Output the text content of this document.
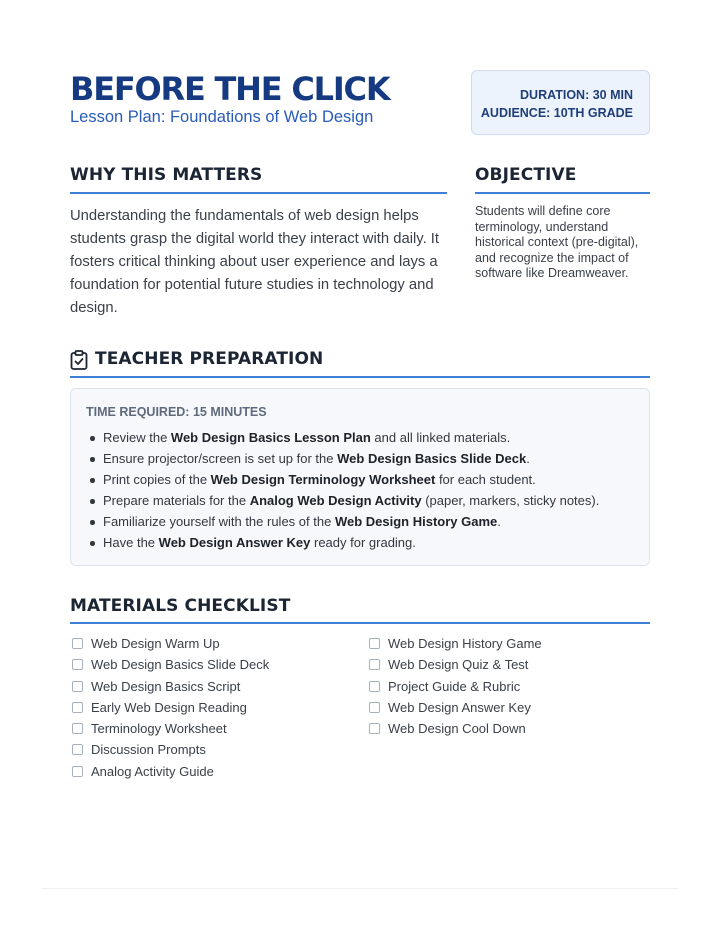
BEFORE THE CLICK
Lesson Plan: Foundations of Web Design
DURATION: 30 MIN
AUDIENCE: 10TH GRADE
WHY THIS MATTERS

Understanding the fundamentals of web design helps students grasp the digital world they interact with daily. It fosters critical thinking about user experience and lays a foundation for potential future studies in technology and design.

OBJECTIVE

Students will define core terminology, understand historical context (pre-digital), and recognize the impact of software like Dreamweaver.

TEACHER PREPARATION
TIME REQUIRED: 15 MINUTES
Review the Web Design Basics Lesson Plan and all linked materials.
Ensure projector/screen is set up for the Web Design Basics Slide Deck.
Print copies of the Web Design Terminology Worksheet for each student.
Prepare materials for the Analog Web Design Activity (paper, markers, sticky notes).
Familiarize yourself with the rules of the Web Design History Game.
Have the Web Design Answer Key ready for grading.
MATERIALS CHECKLIST
Web Design Warm Up
Web Design Basics Slide Deck
Web Design Basics Script
Early Web Design Reading
Terminology Worksheet
Discussion Prompts
Analog Activity Guide
Web Design History Game
Web Design Quiz & Test
Project Guide & Rubric
Web Design Answer Key
Web Design Cool Down
